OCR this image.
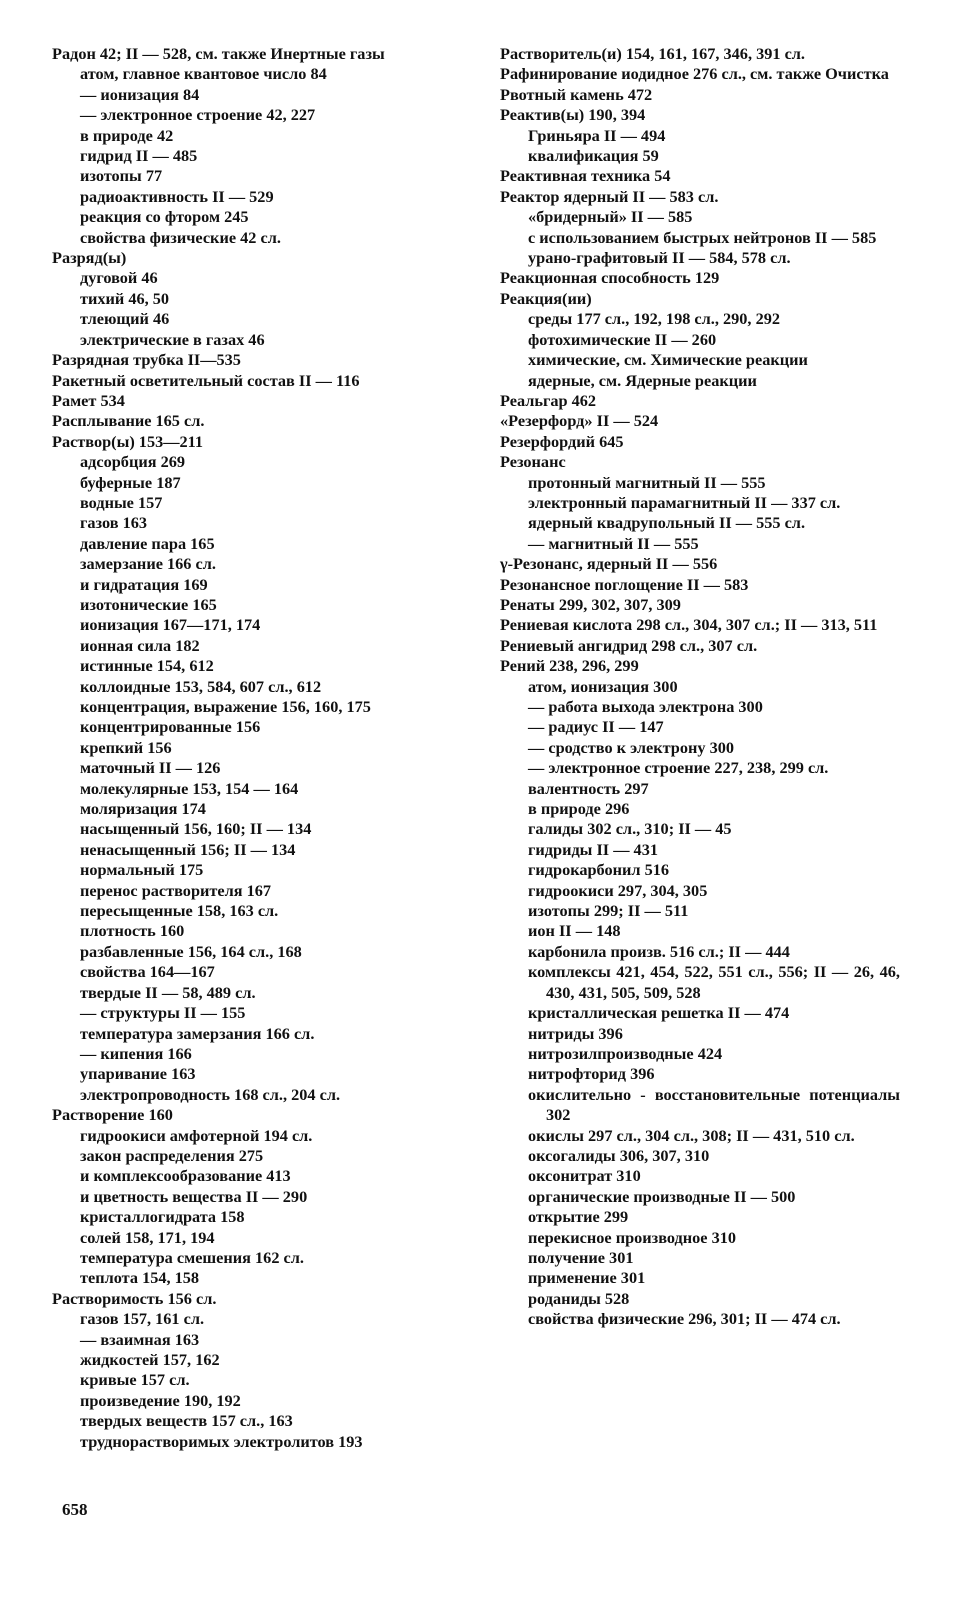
Радон 42; II — 528, см. также Инертные газы
атом, главное квантовое число 84
— ионизация 84
— электронное строение 42, 227
в природе 42
гидрид II — 485
изотопы 77
радиоактивность II — 529
реакция со фтором 245
свойства физические 42 сл.
Разряд(ы)
дуговой 46
тихий 46, 50
тлеющий 46
электрические в газах 46
Разрядная трубка II—535
Ракетный осветительный состав II — 116
Рамет 534
Расплывание 165 сл.
Раствор(ы) 153—211
адсорбция 269
буферные 187
водные 157
газов 163
давление пара 165
замерзание 166 сл.
и гидратация 169
изотонические 165
ионизация 167—171, 174
ионная сила 182
истинные 154, 612
коллоидные 153, 584, 607 сл., 612
концентрация, выражение 156, 160, 175
концентрированные 156
крепкий 156
маточный II — 126
молекулярные 153, 154 — 164
моляризация 174
насыщенный 156, 160; II — 134
ненасыщенный 156; II — 134
нормальный 175
перенос растворителя 167
пересыщенные 158, 163 сл.
плотность 160
разбавленные 156, 164 сл., 168
свойства 164—167
твердые II — 58, 489 сл.
— структуры II — 155
температура замерзания 166 сл.
— кипения 166
упаривание 163
электропроводность 168 сл., 204 сл.
Растворение 160
гидроокиси амфотерной 194 сл.
закон распределения 275
и комплексообразование 413
и цветность вещества II — 290
кристаллогидрата 158
солей 158, 171, 194
температура смешения 162 сл.
теплота 154, 158
Растворимость 156 сл.
газов 157, 161 сл.
— взаимная 163
жидкостей 157, 162
кривые 157 сл.
произведение 190, 192
твердых веществ 157 сл., 163
труднорастворимых электролитов 193
Растворитель(и) 154, 161, 167, 346, 391 сл.
Рафинирование иодидное 276 сл., см. также Очистка
Рвотный камень 472
Реактив(ы) 190, 394
Гриньяра II — 494
квалификация 59
Реактивная техника 54
Реактор ядерный II — 583 сл.
«бридерный» II — 585
с использованием быстрых нейтронов II — 585
урано-графитовый II — 584, 578 сл.
Реакционная способность 129
Реакция(ии)
среды 177 сл., 192, 198 сл., 290, 292
фотохимические II — 260
химические, см. Химические реакции
ядерные, см. Ядерные реакции
Реальгар 462
«Резерфорд» II — 524
Резерфордий 645
Резонанс
протонный магнитный II — 555
электронный парамагнитный II — 337 сл.
ядерный квадрупольный II — 555 сл.
— магнитный II — 555
γ-Резонанс, ядерный II — 556
Резонансное поглощение II — 583
Ренаты 299, 302, 307, 309
Рениевая кислота 298 сл., 304, 307 сл.; II — 313, 511
Рениевый ангидрид 298 сл., 307 сл.
Рений 238, 296, 299
атом, ионизация 300
— работа выхода электрона 300
— радиус II — 147
— сродство к электрону 300
— электронное строение 227, 238, 299 сл.
валентность 297
в природе 296
галиды 302 сл., 310; II — 45
гидриды II — 431
гидрокарбонил 516
гидроокиси 297, 304, 305
изотопы 299; II — 511
ион II — 148
карбонила произв. 516 сл.; II — 444
комплексы 421, 454, 522, 551 сл., 556; II — 26, 46, 430, 431, 505, 509, 528
кристаллическая решетка II — 474
нитриды 396
нитрозилпроизводные 424
нитрофторид 396
окислительно - восстановительные потенциалы 302
окислы 297 сл., 304 сл., 308; II — 431, 510 сл.
оксогалиды 306, 307, 310
оксонитрат 310
органические производные II — 500
открытие 299
перекисное производное 310
получение 301
применение 301
роданиды 528
свойства физические 296, 301; II — 474 сл.
658
